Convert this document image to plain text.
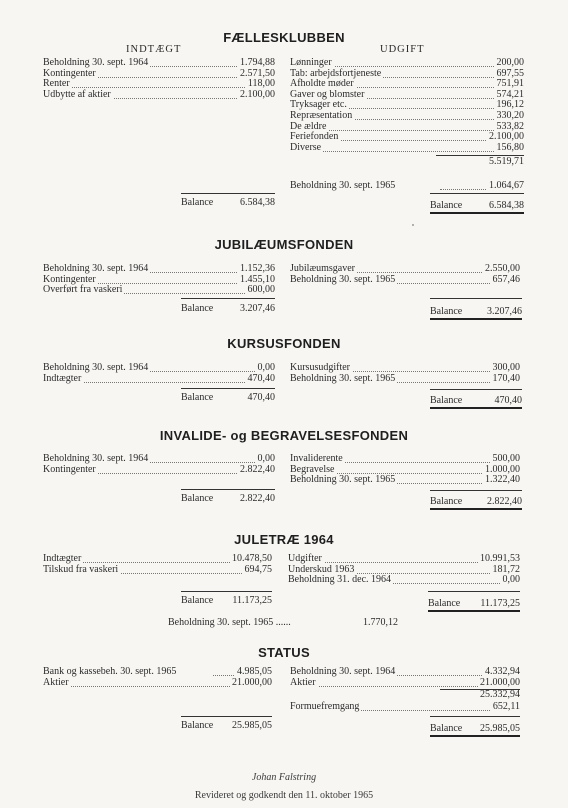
FÆLLESKLUBBEN
INDTÆGT	UDGIFT
Beholdning 30. sept. 1964	1.794,88
Kontingenter	2.571,50
Renter	118,00
Udbytte af aktier	2.100,00
Lønninger	200,00
Tab: arbejdsfortjeneste	697,55
Afholdte møder	751,91
Gaver og blomster	574,21
Tryksager etc.	196,12
Repræsentation	330,20
De ældre	533,82
Feriefonden	2.100,00
Diverse	156,80
5.519,71
Beholdning 30. sept. 1965	1.064,67
Balance	6.584,38	Balance	6.584,38
JUBILÆUMSFONDEN
Beholdning 30. sept. 1964	1.152,36
Kontingenter	1.455,10
Overført fra vaskeri	600,00
Jubilæumsgaver	2.550,00
Beholdning 30. sept. 1965	657,46
Balance	3.207,46	Balance 3.207,46
KURSUSFONDEN
Beholdning 30. sept. 1964	0,00
Indtægter	470,40
Kursusudgifter	300,00
Beholdning 30. sept. 1965	170,40
Balance	470,40	Balance	470,40
INVALIDE- og BEGRAVELSESFONDEN
Beholdning 30. sept. 1964	0,00
Kontingenter	2.822,40
Invaliderente	500,00
Begravelse	1.000,00
Beholdning 30. sept. 1965	1.322,40
Balance	2.822,40	Balance 2.822,40
JULETRÆ 1964
Indtægter	10.478,50
Tilskud fra vaskeri	694,75
Udgifter	10.991,53
Underskud 1963	181,72
Beholdning 31. dec. 1964	0,00
Balance 11.173,25	Balance 11.173,25
Beholdning 30. sept. 1965 ......	1.770,12
STATUS
Bank og kassebeh. 30. sept. 1965	4.985,05
Aktier	21.000,00
Beholdning 30. sept. 1964	4.332,94
Aktier	21.000,00
25.332,94
Formuefremgang	652,11
Balance 25.985,05	Balance 25.985,05
Johan Falstring
Revideret og godkendt den 11. oktober 1965
